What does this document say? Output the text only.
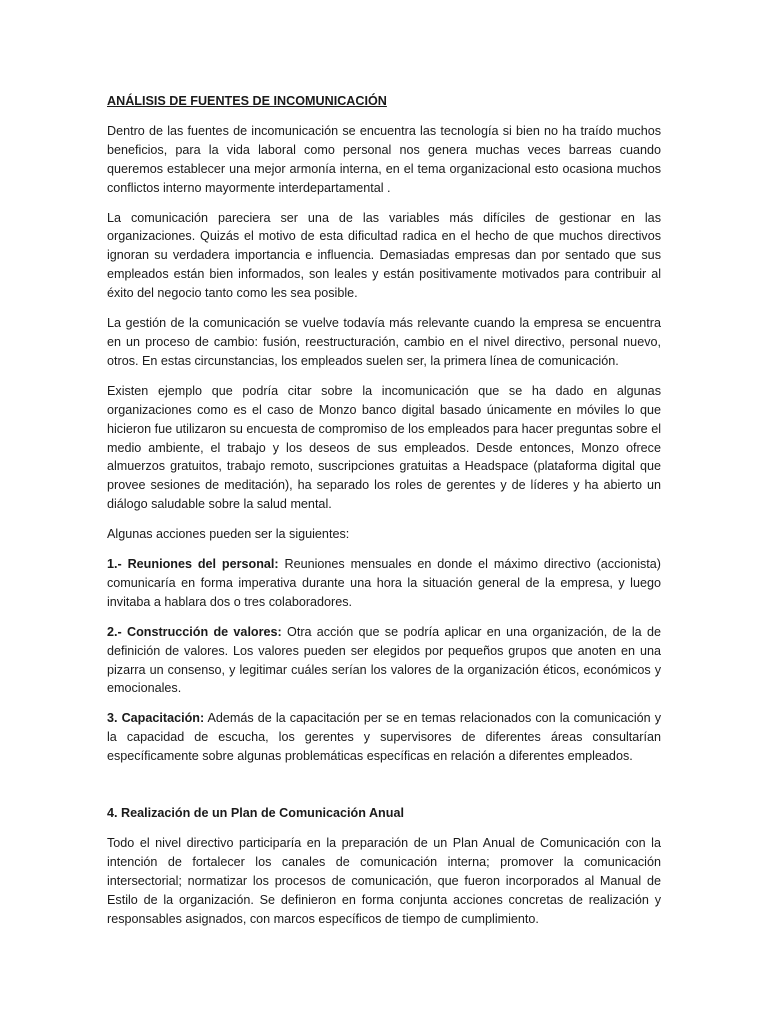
ANÁLISIS DE FUENTES DE INCOMUNICACIÓN

Dentro de las fuentes de incomunicación se encuentra las tecnología si bien no ha traído muchos beneficios, para la vida laboral como personal nos genera muchas veces barreas cuando queremos establecer una mejor armonía interna, en el tema organizacional esto ocasiona muchos conflictos interno mayormente interdepartamental .

La comunicación pareciera ser una de las variables más difíciles de gestionar en las organizaciones. Quizás el motivo de esta dificultad radica en el hecho de que muchos directivos ignoran su verdadera importancia e influencia. Demasiadas empresas dan por sentado que sus empleados están bien informados, son leales y están positivamente motivados para contribuir al éxito del negocio tanto como les sea posible.

La gestión de la comunicación se vuelve todavía más relevante cuando la empresa se encuentra en un proceso de cambio: fusión, reestructuración, cambio en el nivel directivo, personal nuevo, otros. En estas circunstancias, los empleados suelen ser, la primera línea de comunicación.

Existen ejemplo que podría citar sobre la incomunicación que se ha dado en algunas organizaciones como es el caso de Monzo banco digital basado únicamente en móviles lo que hicieron fue utilizaron su encuesta de compromiso de los empleados para hacer preguntas sobre el medio ambiente, el trabajo y los deseos de sus empleados. Desde entonces, Monzo ofrece almuerzos gratuitos, trabajo remoto, suscripciones gratuitas a Headspace (plataforma digital que provee sesiones de meditación), ha separado los roles de gerentes y de líderes y ha abierto un diálogo saludable sobre la salud mental.

Algunas acciones pueden ser la siguientes:

1.- Reuniones del personal: Reuniones mensuales en donde el máximo directivo (accionista) comunicaría en forma imperativa durante una hora la situación general de la empresa, y luego invitaba a hablara dos o tres colaboradores.

2.- Construcción de valores: Otra acción que se podría aplicar en una organización, de la de definición de valores. Los valores pueden ser elegidos por pequeños grupos que anoten en una pizarra un consenso, y legitimar cuáles serían los valores de la organización éticos, económicos y emocionales.

3. Capacitación: Además de la capacitación per se en temas relacionados con la comunicación y la capacidad de escucha, los gerentes y supervisores de diferentes áreas consultarían específicamente sobre algunas problemáticas específicas en relación a diferentes empleados.

4. Realización de un Plan de Comunicación Anual

Todo el nivel directivo participaría en la preparación de un Plan Anual de Comunicación con la intención de fortalecer los canales de comunicación interna; promover la comunicación intersectorial; normatizar los procesos de comunicación, que fueron incorporados al Manual de Estilo de la organización. Se definieron en forma conjunta acciones concretas de realización y responsables asignados, con marcos específicos de tiempo de cumplimiento.
